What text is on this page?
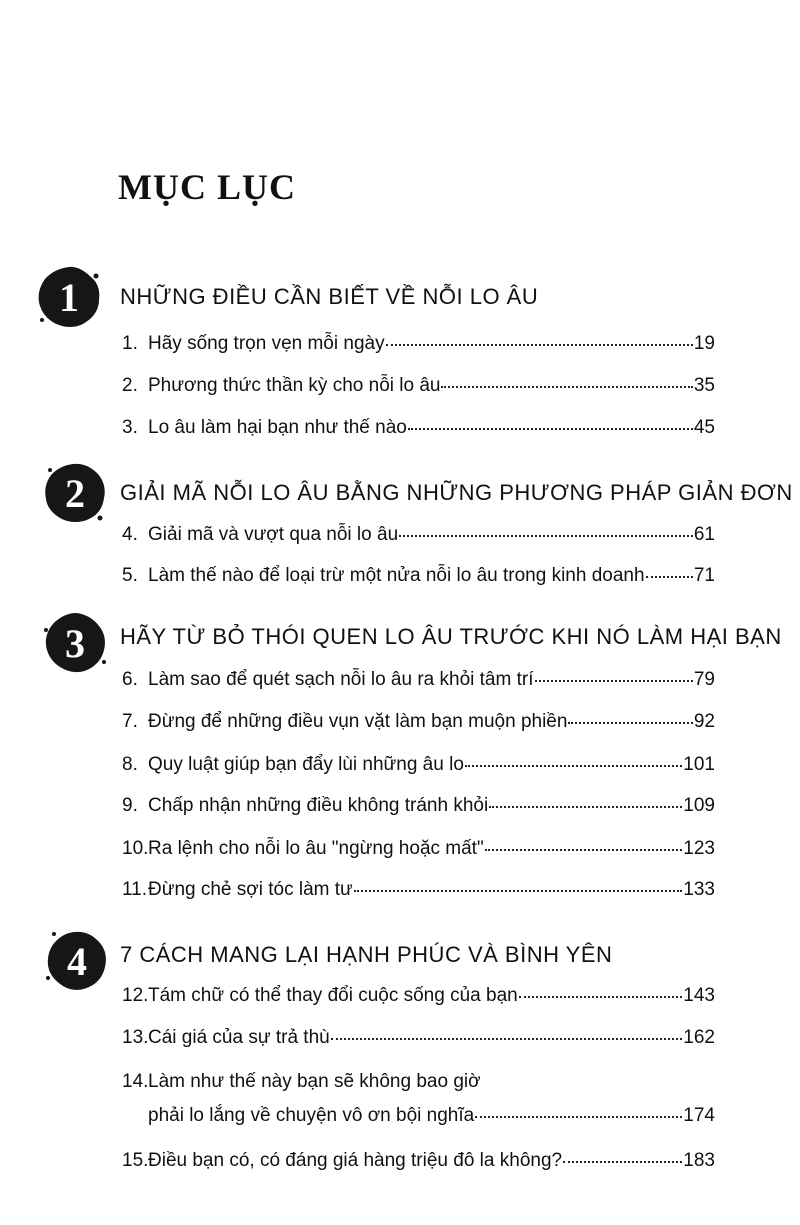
MỤC LỤC
1	NHỮNG ĐIỀU CẦN BIẾT VỀ NỖI LO ÂU
1. Hãy sống trọn vẹn mỗi ngày	19
2. Phương thức thần kỳ cho nỗi lo âu	35
3. Lo âu làm hại bạn như thế nào	45
2	GIẢI MÃ NỖI LO ÂU BẰNG NHỮNG PHƯƠNG PHÁP GIẢN ĐƠN
4. Giải mã và vượt qua nỗi lo âu	61
5. Làm thế nào để loại trừ một nửa nỗi lo âu trong kinh doanh	71
3	HÃY TỪ BỎ THÓI QUEN LO ÂU TRƯỚC KHI NÓ LÀM HẠI BẠN
6. Làm sao để quét sạch nỗi lo âu ra khỏi tâm trí	79
7. Đừng để những điều vụn vặt làm bạn muộn phiền	92
8. Quy luật giúp bạn đẩy lùi những âu lo	101
9. Chấp nhận những điều không tránh khỏi	109
10. Ra lệnh cho nỗi lo âu "ngừng hoặc mất"	123
11. Đừng chẻ sợi tóc làm tư	133
4	7 CÁCH MANG LẠI HẠNH PHÚC VÀ BÌNH YÊN
12. Tám chữ có thể thay đổi cuộc sống của bạn	143
13. Cái giá của sự trả thù	162
14.Làm như thế này bạn sẽ không bao giờ
phải lo lắng về chuyện vô ơn bội nghĩa	174
15. Điều bạn có, có đáng giá hàng triệu đô la không?	183
